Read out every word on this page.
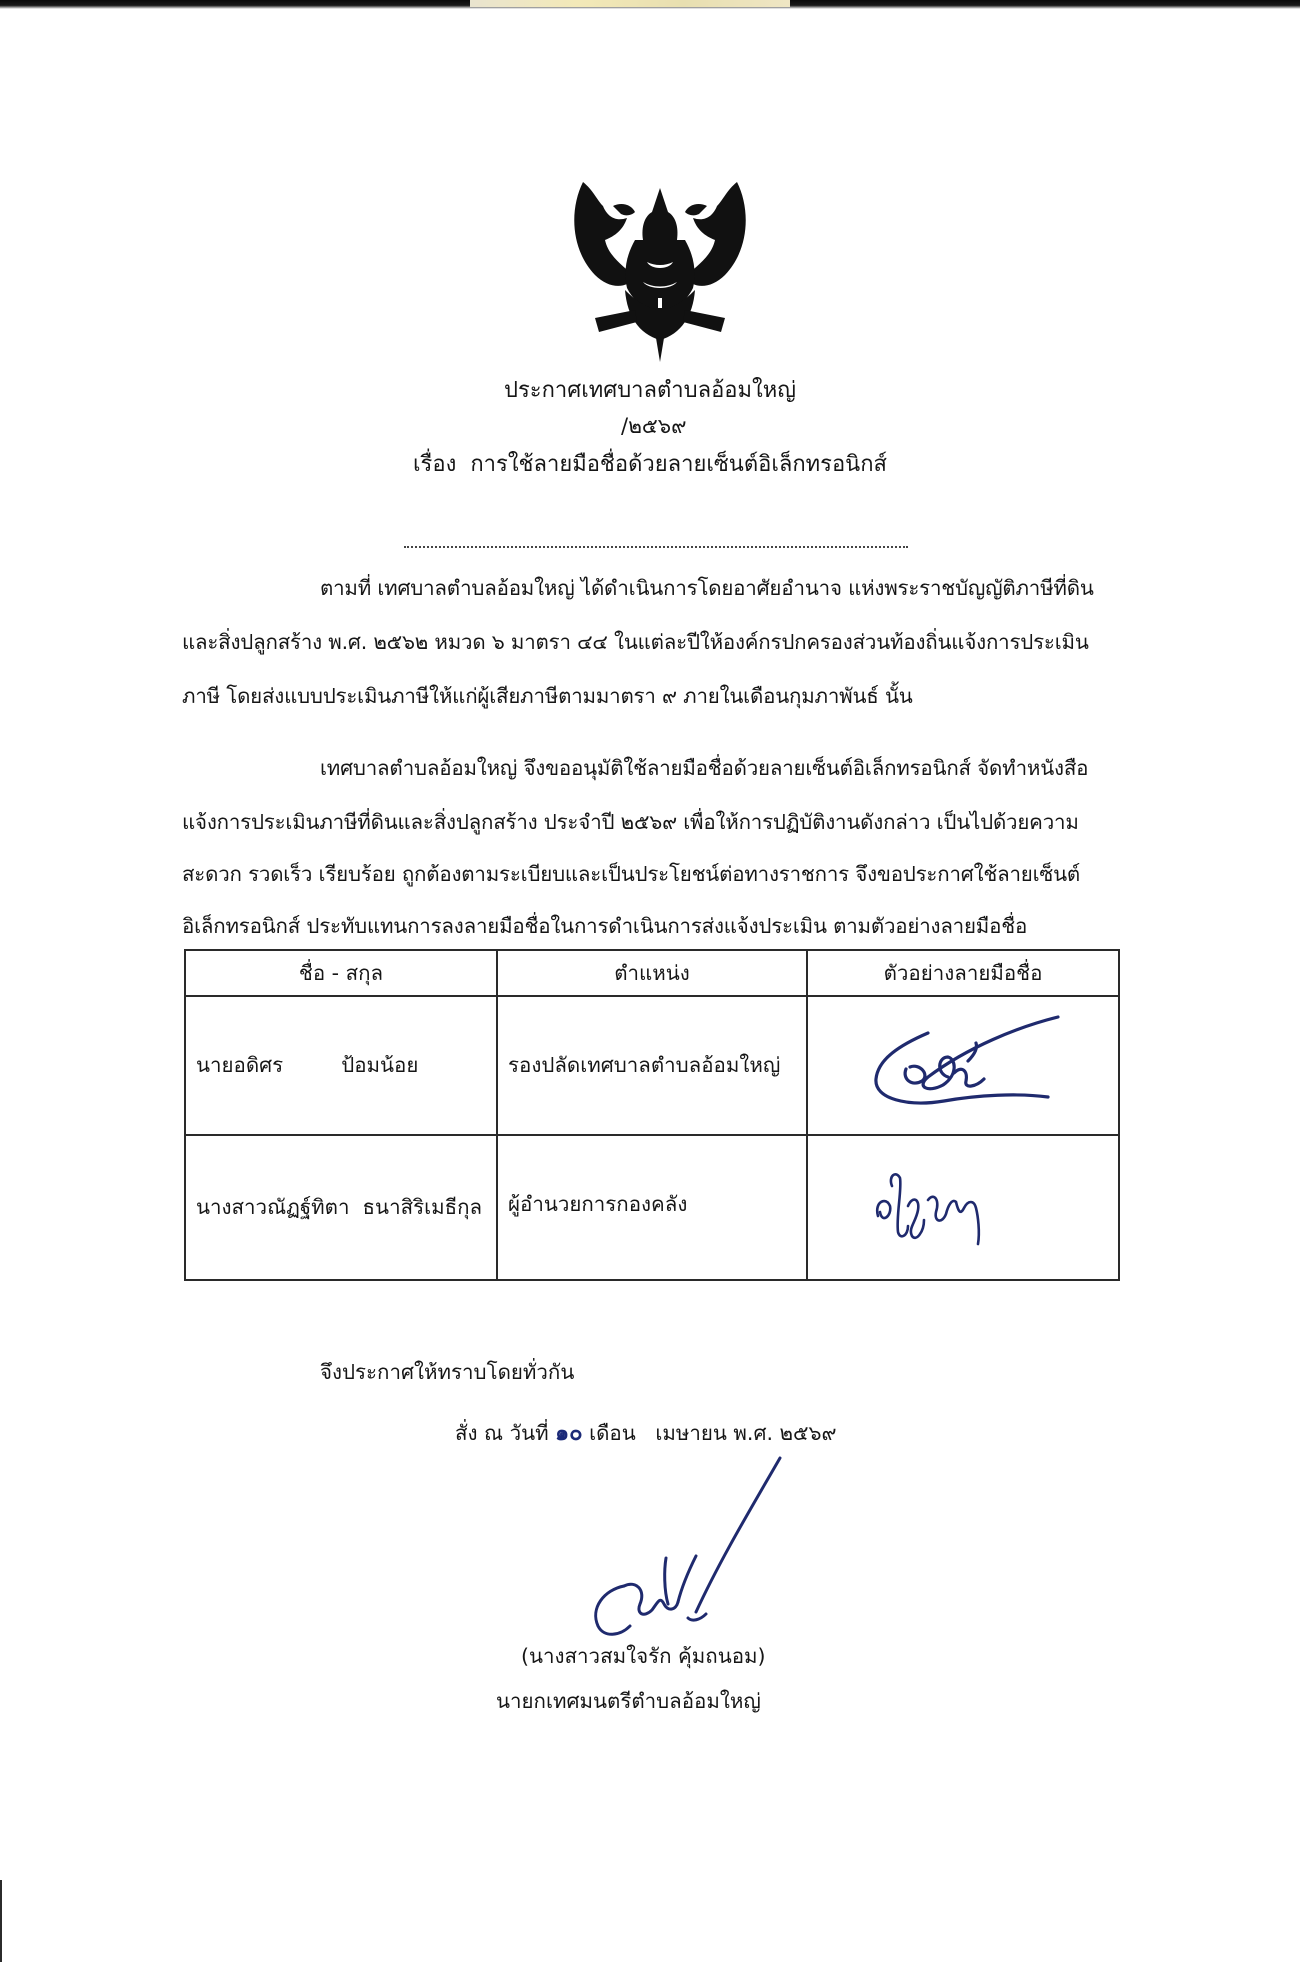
ประกาศเทศบาลตำบลอ้อมใหญ่
/๒๕๖๙
เรื่อง การใช้ลายมือชื่อด้วยลายเซ็นต์อิเล็กทรอนิกส์
ตามที่ เทศบาลตำบลอ้อมใหญ่ ได้ดำเนินการโดยอาศัยอำนาจ แห่งพระราชบัญญัติภาษีที่ดิน
และสิ่งปลูกสร้าง พ.ศ. ๒๕๖๒ หมวด ๖ มาตรา ๔๔ ในแต่ละปีให้องค์กรปกครองส่วนท้องถิ่นแจ้งการประเมิน
ภาษี โดยส่งแบบประเมินภาษีให้แก่ผู้เสียภาษีตามมาตรา ๙ ภายในเดือนกุมภาพันธ์ นั้น
เทศบาลตำบลอ้อมใหญ่ จึงขออนุมัติใช้ลายมือชื่อด้วยลายเซ็นต์อิเล็กทรอนิกส์ จัดทำหนังสือ
แจ้งการประเมินภาษีที่ดินและสิ่งปลูกสร้าง ประจำปี ๒๕๖๙ เพื่อให้การปฏิบัติงานดังกล่าว เป็นไปด้วยความ
สะดวก รวดเร็ว เรียบร้อย ถูกต้องตามระเบียบและเป็นประโยชน์ต่อทางราชการ จึงขอประกาศใช้ลายเซ็นต์
อิเล็กทรอนิกส์ ประทับแทนการลงลายมือชื่อในการดำเนินการส่งแจ้งประเมิน ตามตัวอย่างลายมือชื่อ
ชื่อ - สกุล	ตำแหน่ง	ตัวอย่างลายมือชื่อ
นายอดิศร ป้อมน้อย	รองปลัดเทศบาลตำบลอ้อมใหญ่	

นางสาวณัฏฐ์ทิตา ธนาสิริเมธีกุล	ผู้อำนวยการกองคลัง	
จึงประกาศให้ทราบโดยทั่วกัน
สั่ง ณ วันที่ ๑๐ เดือน เมษายน พ.ศ. ๒๕๖๙
(นางสาวสมใจรัก คุ้มถนอม)
นายกเทศมนตรีตำบลอ้อมใหญ่
